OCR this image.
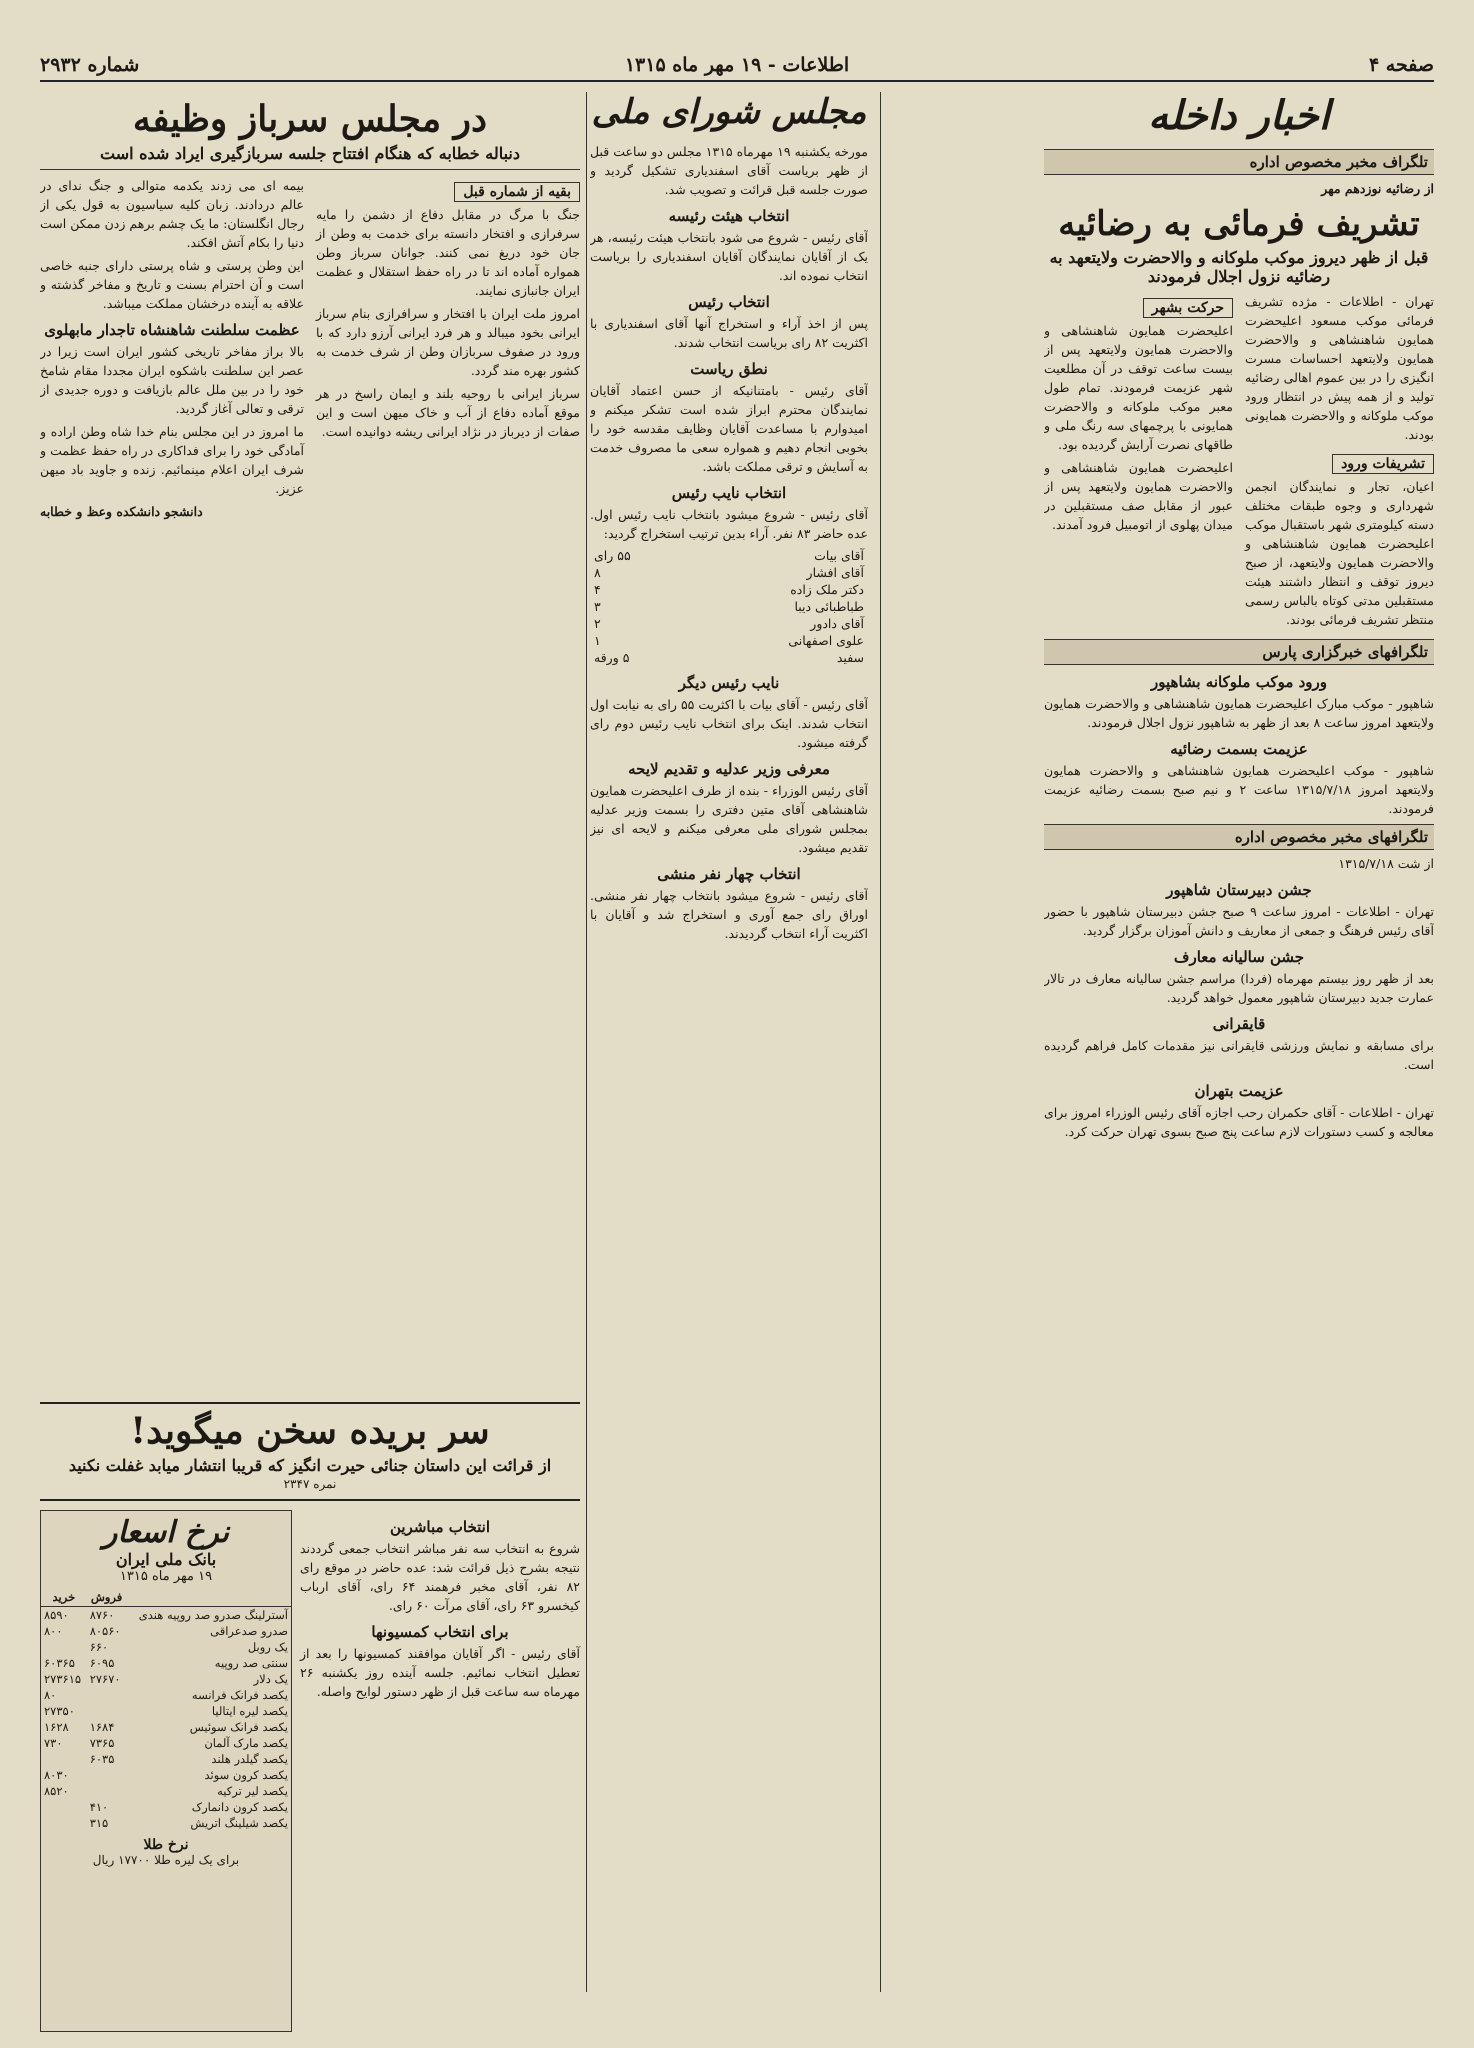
صفحه ۴
اطلاعات - ۱۹ مهر ماه ۱۳۱۵
شماره ۲۹۳۲
اخبار داخله
تلگراف مخبر مخصوص اداره
از رضائیه نوزدهم مهر
تشریف فرمائی به رضائیه
قبل از ظهر دیروز موکب ملوکانه و والاحضرت ولایتعهد به رضائیه نزول اجلال فرمودند
تهران - اطلاعات - مژده تشریف فرمائی موکب مسعود اعلیحضرت همایون شاهنشاهی و والاحضرت همایون ولایتعهد احساسات مسرت انگیزی را در بین عموم اهالی رضائیه تولید و از همه پیش در انتظار ورود موکب ملوکانه و والاحضرت همایونی بودند.
تشریفات ورود
اعیان، تجار و نمایندگان انجمن شهرداری و وجوه طبقات مختلف دسته کیلومتری شهر باستقبال موکب اعلیحضرت همایون شاهنشاهی و والاحضرت همایون ولایتعهد، از صبح دیروز توقف و انتظار داشتند هیئت مستقبلین مدتی کوتاه بالباس رسمی منتظر تشریف فرمائی بودند.
حرکت بشهر
اعلیحضرت همایون شاهنشاهی و والاحضرت همایون ولایتعهد پس از بیست ساعت توقف در آن مطلعیت شهر عزیمت فرمودند. تمام طول معبر موکب ملوکانه و والاحضرت همایونی با پرچمهای سه رنگ ملی و طاقهای نصرت آرایش گردیده بود.
اعلیحضرت همایون شاهنشاهی و والاحضرت همایون ولایتعهد پس از عبور از مقابل صف مستقبلین در میدان پهلوی از اتومبیل فرود آمدند.
تلگرافهای خبرگزاری پارس
ورود موکب ملوکانه بشاهپور
شاهپور - موکب مبارک اعلیحضرت همایون شاهنشاهی و والاحضرت همایون ولایتعهد امروز ساعت ۸ بعد از ظهر به شاهپور نزول اجلال فرمودند.
عزیمت بسمت رضائیه
شاهپور - موکب اعلیحضرت همایون شاهنشاهی و والاحضرت همایون ولایتعهد امروز ۱۳۱۵/۷/۱۸ ساعت ۲ و نیم صبح بسمت رضائیه عزیمت فرمودند.
تلگرافهای مخبر مخصوص اداره
از شت ۱۳۱۵/۷/۱۸
جشن دبیرستان شاهپور
تهران - اطلاعات - امروز ساعت ۹ صبح جشن دبیرستان شاهپور با حضور آقای رئیس فرهنگ و جمعی از معاریف و دانش آموزان برگزار گردید.
جشن سالیانه معارف
بعد از ظهر روز بیستم مهرماه (فردا) مراسم جشن سالیانه معارف در تالار عمارت جدید دبیرستان شاهپور معمول خواهد گردید.
قایقرانی
برای مسابقه و نمایش ورزشی قایقرانی نیز مقدمات کامل فراهم گردیده است.
عزیمت بتهران
تهران - اطلاعات - آقای حکمران رحب اجازه آقای رئیس الوزراء امروز برای معالجه و کسب دستورات لازم ساعت پنج صبح بسوی تهران حرکت کرد.
مجلس شورای ملی
مورخه یکشنبه ۱۹ مهرماه ۱۳۱۵ مجلس دو ساعت قبل از ظهر بریاست آقای اسفندیاری تشکیل گردید و صورت جلسه قبل قرائت و تصویب شد.
انتخاب هیئت رئیسه
آقای رئیس - شروع می شود بانتخاب هیئت رئیسه، هر یک از آقایان نمایندگان آقایان اسفندیاری را بریاست انتخاب نموده اند.
انتخاب رئیس
پس از اخذ آراء و استخراج آنها آقای اسفندیاری با اکثریت ۸۲ رای بریاست انتخاب شدند.
نطق ریاست
آقای رئیس - بامتنانیکه از حسن اعتماد آقایان نمایندگان محترم ابراز شده است تشکر میکنم و امیدوارم با مساعدت آقایان وظایف مقدسه خود را بخوبی انجام دهیم و همواره سعی ما مصروف خدمت به آسایش و ترقی مملکت باشد.
انتخاب نایب رئیس
آقای رئیس - شروع میشود بانتخاب نایب رئیس اول. عده حاضر ۸۳ نفر. آراء بدین ترتیب استخراج گردید:
آقای بیات	۵۵ رای
آقای افشار	۸
دکتر ملک زاده	۴
طباطبائی دیبا	۳
آقای دادور	۲
علوی اصفهانی	۱
سفید	۵ ورقه
نایب رئیس دیگر
آقای رئیس - آقای بیات با اکثریت ۵۵ رای به نیابت اول انتخاب شدند. اینک برای انتخاب نایب رئیس دوم رای گرفته میشود.
معرفی وزیر عدلیه و تقدیم لایحه
آقای رئیس الوزراء - بنده از طرف اعلیحضرت همایون شاهنشاهی آقای متین دفتری را بسمت وزیر عدلیه بمجلس شورای ملی معرفی میکنم و لایحه ای نیز تقدیم میشود.
انتخاب چهار نفر منشی
آقای رئیس - شروع میشود بانتخاب چهار نفر منشی. اوراق رای جمع آوری و استخراج شد و آقایان با اکثریت آراء انتخاب گردیدند.
در مجلس سرباز وظیفه
دنباله خطابه که هنگام افتتاح جلسه سربازگیری ایراد شده است
بقیه از شماره قبل
جنگ با مرگ در مقابل دفاع از دشمن را مایه سرفرازی و افتخار دانسته برای خدمت به وطن از جان خود دریغ نمی کنند. جوانان سرباز وطن همواره آماده اند تا در راه حفظ استقلال و عظمت ایران جانبازی نمایند.
امروز ملت ایران با افتخار و سرافرازی بنام سرباز ایرانی بخود میبالد و هر فرد ایرانی آرزو دارد که با ورود در صفوف سربازان وطن از شرف خدمت به کشور بهره مند گردد.
سرباز ایرانی با روحیه بلند و ایمان راسخ در هر موقع آماده دفاع از آب و خاک میهن است و این صفات از دیرباز در نژاد ایرانی ریشه دوانیده است.
بیمه ای می زدند یکدمه متوالی و جنگ ندای در عالم دردادند. زبان کلیه سیاسیون به قول یکی از رجال انگلستان: ما یک چشم برهم زدن ممکن است دنیا را بکام آتش افکند.
این وطن پرستی و شاه پرستی دارای جنبه خاصی است و آن احترام بسنت و تاریخ و مفاخر گذشته و علاقه به آینده درخشان مملکت میباشد.
عظمت سلطنت شاهنشاه تاجدار مابهلوی
بالا براز مفاخر تاریخی کشور ایران است زیرا در عصر این سلطنت باشکوه ایران مجددا مقام شامخ خود را در بین ملل عالم بازیافت و دوره جدیدی از ترقی و تعالی آغاز گردید.
ما امروز در این مجلس بنام خدا شاه وطن اراده و آمادگی خود را برای فداکاری در راه حفظ عظمت و شرف ایران اعلام مینمائیم. زنده و جاوید باد میهن عزیز.
دانشجو دانشکده وعظ و خطابه
سر بریده سخن میگوید!
از قرائت این داستان جنائی حیرت انگیز که قریبا انتشار میابد غفلت نکنید
نمره ۲۳۴۷
انتخاب مباشرین
شروع به انتخاب سه نفر مباشر انتخاب جمعی گرددند نتیجه بشرح ذیل قرائت شد: عده حاضر در موقع رای ۸۲ نفر، آقای مخبر فرهمند ۶۴ رای، آقای ارباب کیخسرو ۶۳ رای، آقای مرآت ۶۰ رای.
برای انتخاب کمسیونها
آقای رئیس - اگر آقایان موافقند کمسیونها را بعد از تعطیل انتخاب نمائیم. جلسه آینده روز یکشنبه ۲۶ مهرماه سه ساعت قبل از ظهر دستور لوایح واصله.
نرخ اسعار
بانک ملی ایران
۱۹ مهر ماه ۱۳۱۵
	فروش	خرید
آسترلینگ صدرو صد روپیه هندی	۸۷۶۰	۸۵۹۰
صدرو صدعراقی	۸۰۵۶۰	۸۰۰
یک روبل	۶۶۰	
سنتی صد روپیه	۶۰۹۵	۶۰۳۶۵
یک دلار	۲۷۶۷۰	۲۷۳۶۱۵
یکصد فرانک فرانسه		۸۰
یکصد لیره ایتالیا		۲۷۳۵۰
یکصد فرانک سوئیس	۱۶۸۴	۱۶۲۸
یکصد مارک آلمان	۷۳۶۵	۷۳۰
یکصد گیلدر هلند	۶۰۳۵	
یکصد کرون سوئد		۸۰۳۰
یکصد لیر ترکیه		۸۵۲۰
یکصد کرون دانمارک	۴۱۰	
یکصد شیلینگ اتریش	۳۱۵	
نرخ طلا
برای یک لیره طلا ۱۷۷۰۰ ریال
